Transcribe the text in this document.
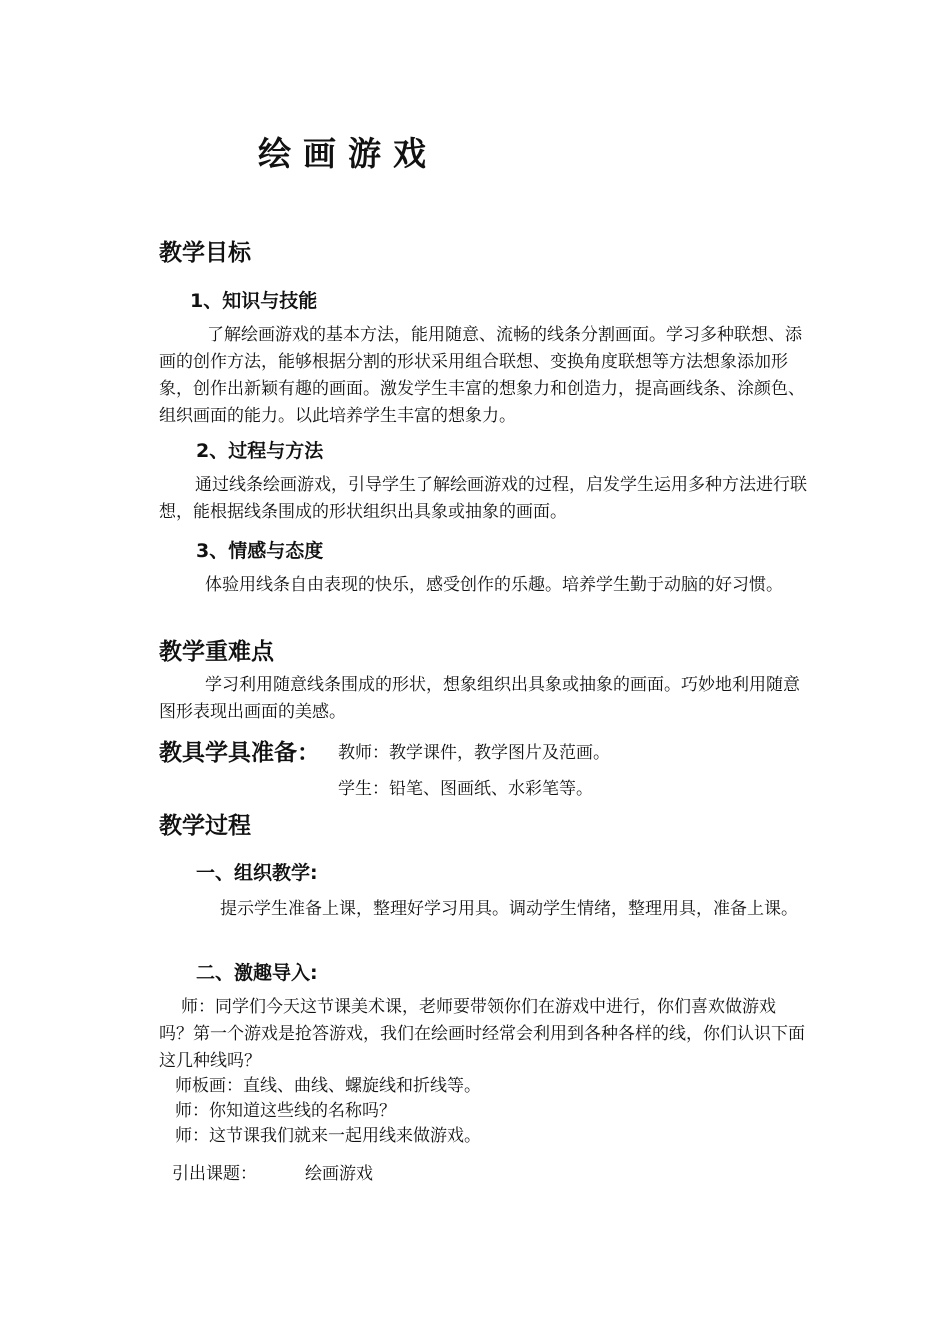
绘画游戏
教学目标
1、知识与技能
了解绘画游戏的基本方法，能用随意、流畅的线条分割画面。学习多种联想、添画的创作方法，能够根据分割的形状采用组合联想、变换角度联想等方法想象添加形象，创作出新颖有趣的画面。激发学生丰富的想象力和创造力，提高画线条、涂颜色、组织画面的能力。以此培养学生丰富的想象力。
2、过程与方法
通过线条绘画游戏，引导学生了解绘画游戏的过程，启发学生运用多种方法进行联想，能根据线条围成的形状组织出具象或抽象的画面。
3、情感与态度
体验用线条自由表现的快乐，感受创作的乐趣。培养学生勤于动脑的好习惯。
教学重难点
学习利用随意线条围成的形状，想象组织出具象或抽象的画面。巧妙地利用随意图形表现出画面的美感。
教具学具准备： 教师：教学课件，教学图片及范画。
学生：铅笔、图画纸、水彩笔等。
教学过程
一、组织教学:
提示学生准备上课，整理好学习用具。调动学生情绪，整理用具，准备上课。
二、激趣导入:
师：同学们今天这节课美术课，老师要带领你们在游戏中进行，你们喜欢做游戏吗？第一个游戏是抢答游戏，我们在绘画时经常会利用到各种各样的线，你们认识下面这几种线吗？
师板画：直线、曲线、螺旋线和折线等。
师：你知道这些线的名称吗？
师：这节课我们就来一起用线来做游戏。
引出课题：	绘画游戏
